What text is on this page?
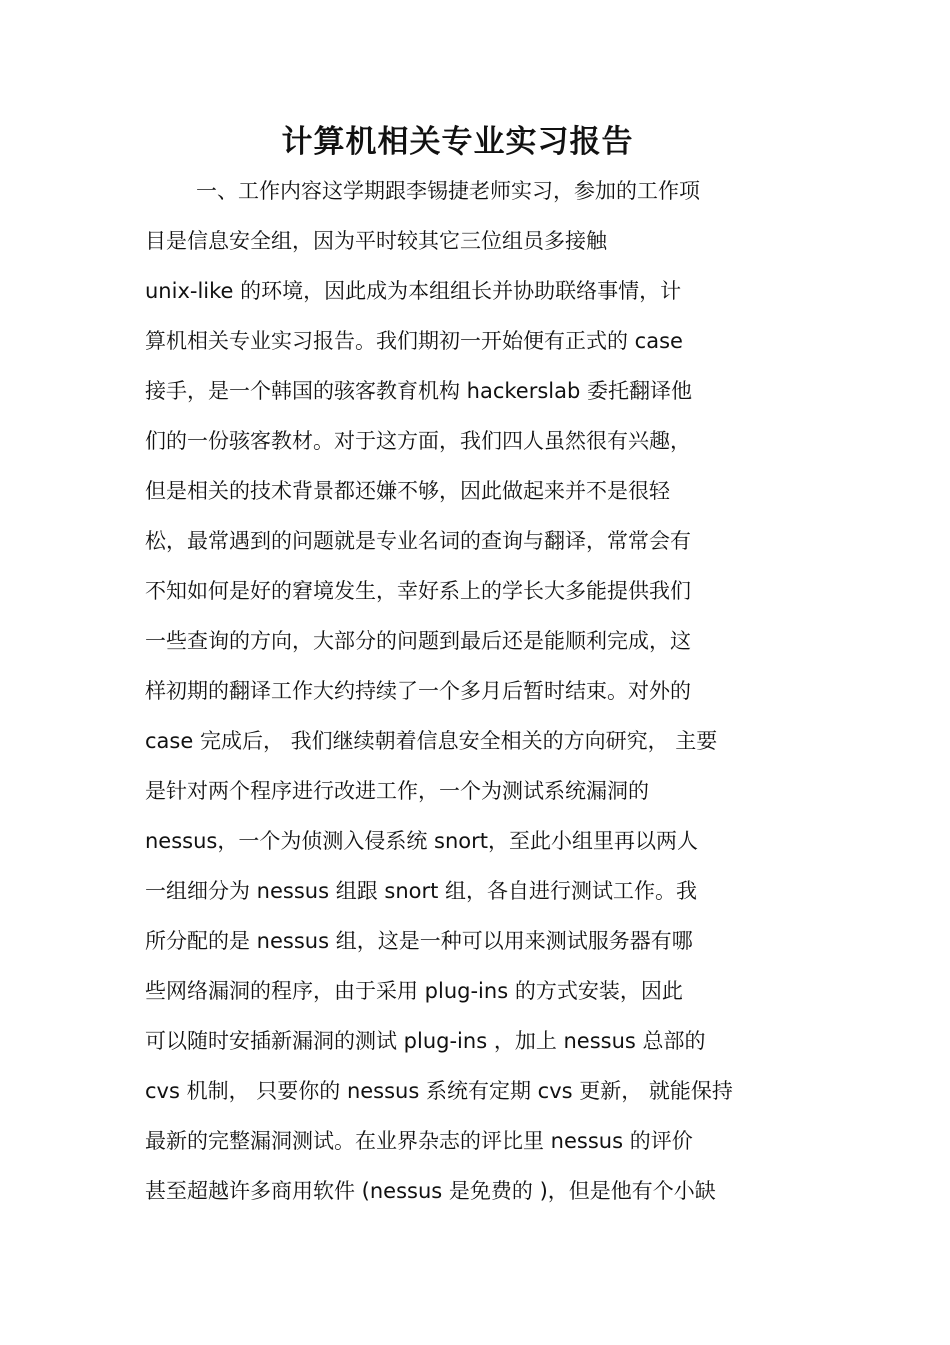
计算机相关专业实习报告

一、工作内容这学期跟李锡捷老师实习，参加的工作项

目是信息安全组，因为平时较其它三位组员多接触

unix-like 的环境，因此成为本组组长并协助联络事情，计

算机相关专业实习报告。我们期初一开始便有正式的 case

接手，是一个韩国的骇客教育机构 hackerslab 委托翻译他

们的一份骇客教材。对于这方面，我们四人虽然很有兴趣，

但是相关的技术背景都还嫌不够，因此做起来并不是很轻

松，最常遇到的问题就是专业名词的查询与翻译，常常会有

不知如何是好的窘境发生，幸好系上的学长大多能提供我们

一些查询的方向，大部分的问题到最后还是能顺利完成，这

样初期的翻译工作大约持续了一个多月后暂时结束。对外的

case 完成后， 我们继续朝着信息安全相关的方向研究， 主要

是针对两个程序进行改进工作，一个为测试系统漏洞的

nessus，一个为侦测入侵系统 snort，至此小组里再以两人

一组细分为 nessus 组跟 snort 组，各自进行测试工作。我

所分配的是 nessus 组，这是一种可以用来测试服务器有哪

些网络漏洞的程序，由于采用 plug-ins 的方式安装，因此

可以随时安插新漏洞的测试 plug-ins ，加上 nessus 总部的

cvs 机制， 只要你的 nessus 系统有定期 cvs 更新， 就能保持

最新的完整漏洞测试。在业界杂志的评比里 nessus 的评价

甚至超越许多商用软件 (nessus 是免费的 )，但是他有个小缺
